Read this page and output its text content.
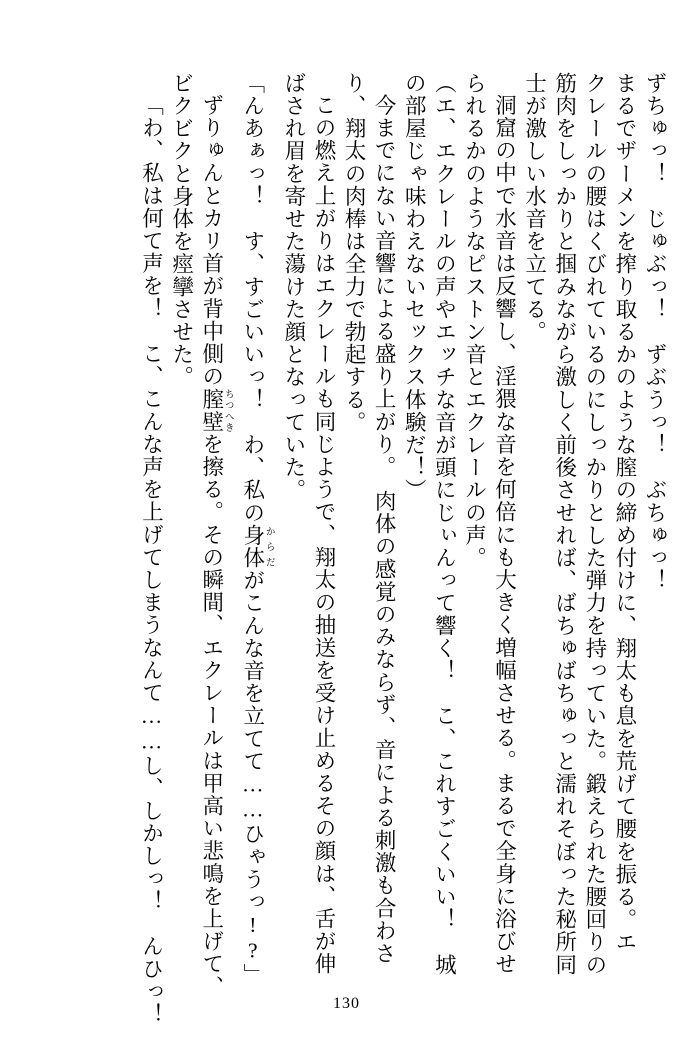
ずちゅっ！　じゅぶっ！　ずぶうっ！　ぶちゅっ！
まるでザーメンを搾り取るかのような膣の締め付けに、翔太も息を荒げて腰を振る。エ
クレールの腰はくびれているのにしっかりとした弾力を持っていた。鍛えられた腰回りの
筋肉をしっかりと掴みながら激しく前後させれば、ばちゅばちゅっと濡れそぼった秘所同
士が激しい水音を立てる。
洞窟の中で水音は反響し、淫猥な音を何倍にも大きく増幅させる。まるで全身に浴びせ
られるかのようなピストン音とエクレールの声。
（エ、エクレールの声やエッチな音が頭にじぃんって響く！　こ、これすごくいい！　城
の部屋じゃ味わえないセックス体験だ！）
今までにない音響による盛り上がり。　肉体の感覚のみならず、音による刺激も合わさ
り、翔太の肉棒は全力で勃起する。
この燃え上がりはエクレールも同じようで、翔太の抽送を受け止めるその顔は、舌が伸
ばされ眉を寄せた蕩けた顔となっていた。
「んあぁっ！　す、すごいいっ！　わ、私の身体 からだがこんな音を立てて……ひゃうっ!?」
ずりゅんとカリ首が背中側の膣壁 ちつへきを擦る。その瞬間、エクレールは甲高い悲鳴を上げて、
ビクビクと身体を痙攣させた。
「わ、私は何て声を！　こ、こんな声を上げてしまうなんて……し、しかしっ！　んひっ！	130
